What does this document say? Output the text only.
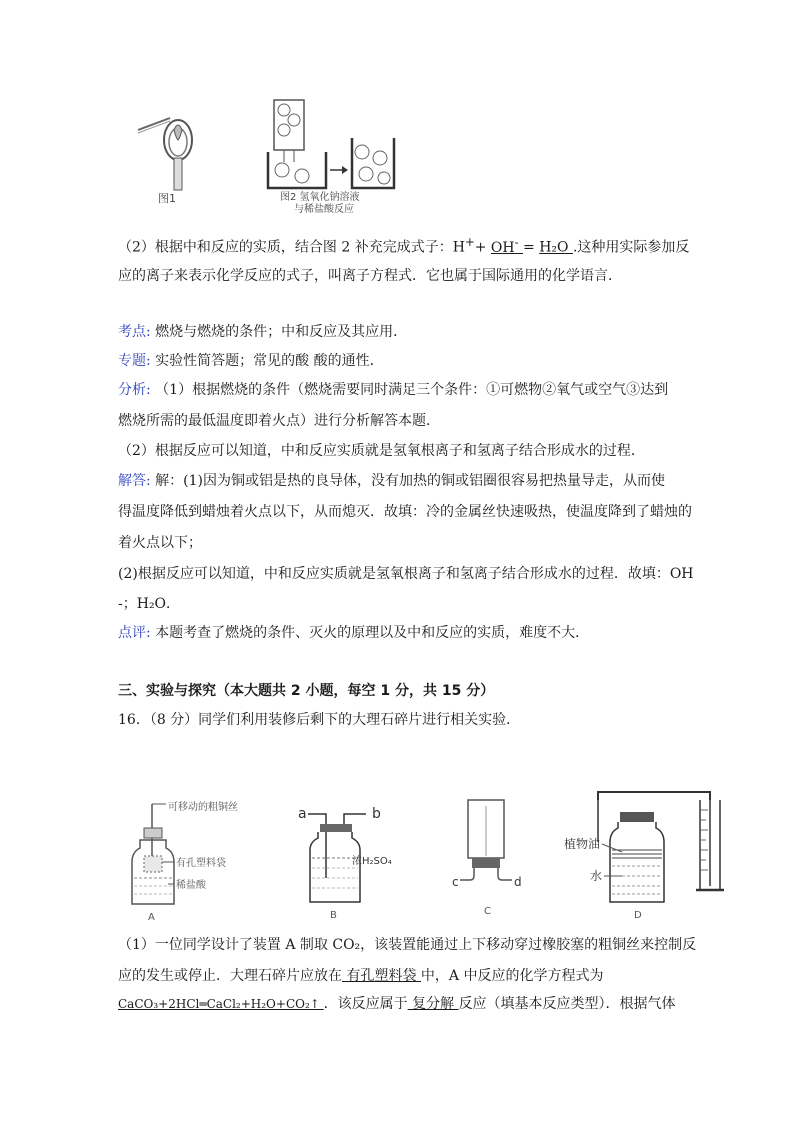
图1	图2 氢氧化钠溶液
与稀盐酸反应
（2）根据中和反应的实质，结合图 2 补充完成式子：H++ OH- = H₂O .这种用实际参加反
应的离子来表示化学反应的式子，叫离子方程式．它也属于国际通用的化学语言．
考点: 燃烧与燃烧的条件；中和反应及其应用．
专题: 实验性简答题；常见的酸 酸的通性．
分析: （1）根据燃烧的条件（燃烧需要同时满足三个条件：①可燃物②氧气或空气③达到
燃烧所需的最低温度即着火点）进行分析解答本题．
（2）根据反应可以知道，中和反应实质就是氢氧根离子和氢离子结合形成水的过程．
解答: 解：(1)因为铜或铝是热的良导体，没有加热的铜或铝圈很容易把热量导走，从而使
得温度降低到蜡烛着火点以下，从而熄灭．故填：冷的金属丝快速吸热，使温度降到了蜡烛的
着火点以下；
(2)根据反应可以知道，中和反应实质就是氢氧根离子和氢离子结合形成水的过程．故填：OH
-；H₂O．
点评: 本题考查了燃烧的条件、灭火的原理以及中和反应的实质，难度不大．
三、实验与探究（本大题共 2 小题，每空 1 分，共 15 分）
16．（8 分）同学们利用装修后剩下的大理石碎片进行相关实验．
可移动的粗铜丝
有孔塑料袋
稀盐酸
A
a	b
浓H₂SO₄
B
c	d
C
植物油
水
D
（1）一位同学设计了装置 A 制取 CO₂，该装置能通过上下移动穿过橡胶塞的粗铜丝来控制反
应的发生或停止．大理石碎片应放在 有孔塑料袋 中，A 中反应的化学方程式为
CaCO₃+2HCl═CaCl₂+H₂O+CO₂↑ ．该反应属于 复分解 反应（填基本反应类型）．根据气体
